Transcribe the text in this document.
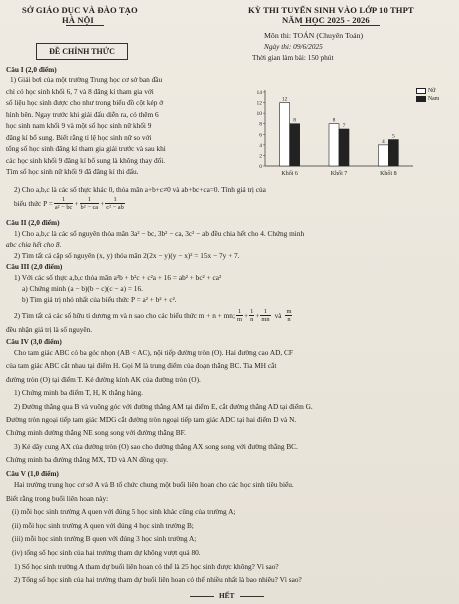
SỞ GIÁO DỤC VÀ ĐÀO TẠO
HÀ NỘI
KỲ THI TUYỂN SINH VÀO LỚP 10 THPT
NĂM HỌC 2025 - 2026
ĐỀ CHÍNH THỨC
Môn thi: TOÁN (Chuyên Toán)
Ngày thi: 09/6/2025
Thời gian làm bài: 150 phút
Câu I (2,0 điểm)
1) Giải bơi của một trường Trung học cơ sở ban đầu
chỉ có học sinh khối 6, 7 và 8 đăng kí tham gia với
số liệu học sinh được cho như trong biểu đồ cột kép ở
hình bên. Ngay trước khi giải đấu diễn ra, có thêm 6
học sinh nam khối 9 và một số học sinh nữ khối 9
đăng kí bổ sung. Biết rằng tỉ lệ học sinh nữ so với
tổng số học sinh đăng kí tham gia giải trước và sau khi
các học sinh khối 9 đăng kí bổ sung là không thay đổi.
Tìm số học sinh nữ khối 9 đã đăng kí thi đấu.	0
2
4
6
8
10
12
14
12
8
Khối 6
8
7
Khối 7
4
5
Khối 8
Nữ
Nam
2) Cho a,b,c là các số thực khác 0, thỏa mãn a+b+c≠0 và ab+bc+ca=0. Tính giá trị của
biểu thức $P = \frac{1}{\text{a² − bc}} + \frac{1}{\text{b² − ca}} + \frac{1}{\text{c² − ab}}$
Câu II (2,0 điểm)
1) Cho a,b,c là các số nguyên thỏa mãn 3a² − bc, 3b² − ca, 3c² − ab đều chia hết cho 4. Chứng minh
abc chia hết cho 8.
2) Tìm tất cả cặp số nguyên (x, y) thỏa mãn 2(2x − y)(y − x)² = 15x − 7y + 7.
Câu III (2,0 điểm)
1) Với các số thực a,b,c thỏa mãn a²b + b²c + c²a + 16 = ab² + bc² + ca²
a) Chứng minh (a − b)(b − c)(c − a) = 16.
b) Tìm giá trị nhỏ nhất của biểu thức P = a² + b² + c².
2) Tìm tất cả các số hữu tỉ dương m và n sao cho các biểu thức m + n + mn; $\frac{1}{m} + \frac{1}{n} + \frac{1}{mn}$ và $\frac{m}{n}$
đều nhận giá trị là số nguyên.
Câu IV (3,0 điểm)
Cho tam giác ABC có ba góc nhọn (AB < AC), nội tiếp đường tròn (O). Hai đường cao AD, CF
của tam giác ABC cắt nhau tại điểm H. Gọi M là trung điểm của đoạn thẳng BC. Tia MH cắt
đường tròn (O) tại điểm T. Kẻ đường kính AK của đường tròn (O).
1) Chứng minh ba điểm T, H, K thẳng hàng.
2) Đường thẳng qua B và vuông góc với đường thẳng AM tại điểm E, cắt đường thẳng AD tại điểm G.
Đường tròn ngoại tiếp tam giác MDG cắt đường tròn ngoại tiếp tam giác ADC tại hai điểm D và N.
Chứng minh đường thẳng NE song song với đường thẳng BF.
3) Kẻ dây cung AX của đường tròn (O) sao cho đường thẳng AX song song với đường thẳng BC.
Chứng minh ba đường thẳng MX, TD và AN đồng quy.
Câu V (1,0 điểm)
Hai trường trung học cơ sở A và B tổ chức chung một buổi liên hoan cho các học sinh tiêu biểu.
Biết rằng trong buổi liên hoan này:
(i) mỗi học sinh trường A quen với đúng 5 học sinh khác cũng của trường A;
(ii) mỗi học sinh trường A quen với đúng 4 học sinh trường B;
(iii) mỗi học sinh trường B quen với đúng 3 học sinh trường A;
(iv) tổng số học sinh của hai trường tham dự không vượt quá 80.
1) Số học sinh trường A tham dự buổi liên hoan có thể là 25 học sinh được không? Vì sao?
2) Tổng số học sinh của hai trường tham dự buổi liên hoan có thể nhiều nhất là bao nhiêu? Vì sao?
HẾT
